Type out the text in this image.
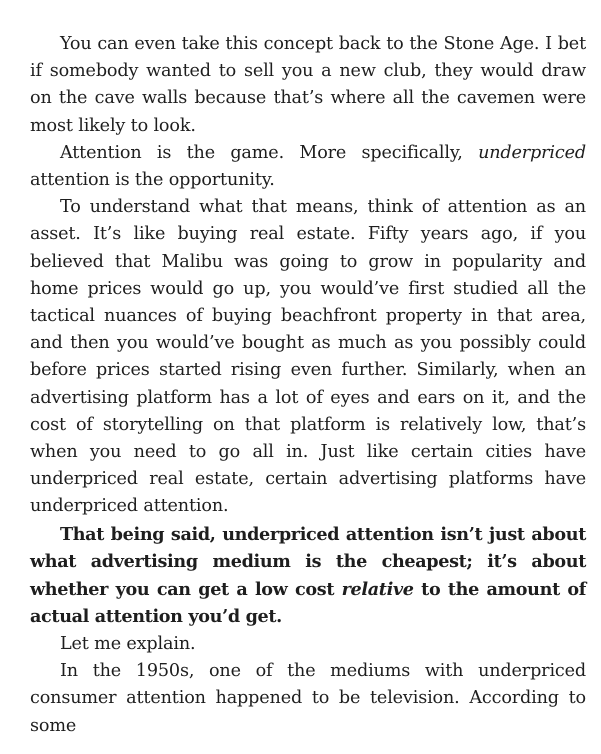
You can even take this concept back to the Stone Age. I bet if somebody wanted to sell you a new club, they would draw on the cave walls because that’s where all the cavemen were most likely to look.

Attention is the game. More specifically, underpriced attention is the opportunity.

To understand what that means, think of attention as an asset. It’s like buying real estate. Fifty years ago, if you believed that Malibu was going to grow in popularity and home prices would go up, you would’ve first studied all the tactical nuances of buying beachfront property in that area, and then you would’ve bought as much as you possibly could before prices started rising even further. Similarly, when an advertising platform has a lot of eyes and ears on it, and the cost of storytelling on that platform is relatively low, that’s when you need to go all in. Just like certain cities have underpriced real estate, certain advertising platforms have underpriced attention.

That being said, underpriced attention isn’t just about what advertising medium is the cheapest; it’s about whether you can get a low cost relative to the amount of actual attention you’d get.

Let me explain.

In the 1950s, one of the mediums with underpriced consumer attention happened to be television. According to some
